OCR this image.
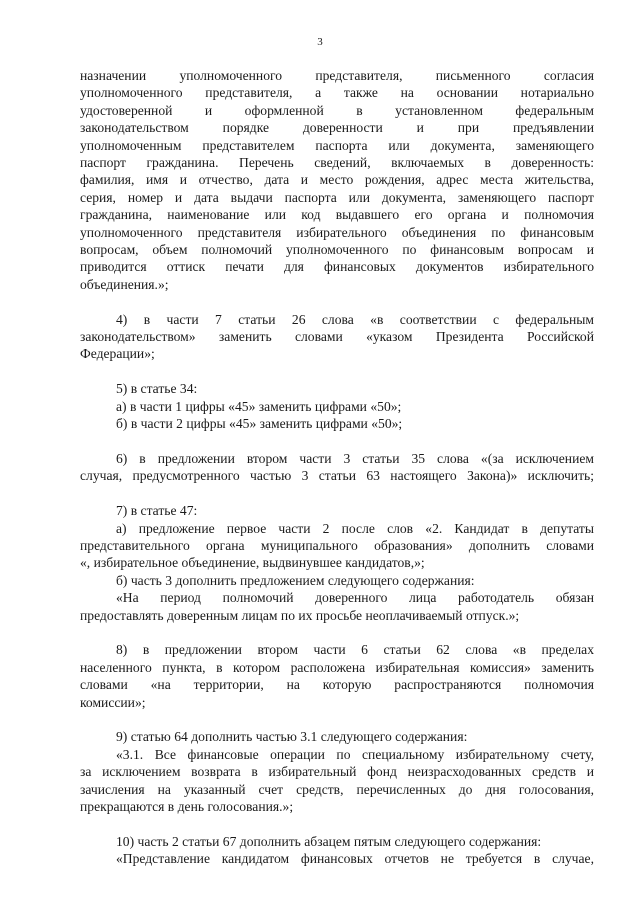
3
назначении уполномоченного представителя, письменного согласия
уполномоченного представителя, а также на основании нотариально
удостоверенной и оформленной в установленном федеральным
законодательством порядке доверенности и при предъявлении
уполномоченным представителем паспорта или документа, заменяющего
паспорт гражданина. Перечень сведений, включаемых в доверенность:
фамилия, имя и отчество, дата и место рождения, адрес места жительства,
серия, номер и дата выдачи паспорта или документа, заменяющего паспорт
гражданина, наименование или код выдавшего его органа и полномочия
уполномоченного представителя избирательного объединения по финансовым
вопросам, объем полномочий уполномоченного по финансовым вопросам и
приводится оттиск печати для финансовых документов избирательного
объединения.»;
4) в части 7 статьи 26 слова «в соответствии с федеральным
законодательством» заменить словами «указом Президента Российской
Федерации»;
5) в статье 34:
а) в части 1 цифры «45» заменить цифрами «50»;
б) в части 2 цифры «45» заменить цифрами «50»;
6) в предложении втором части 3 статьи 35 слова «(за исключением
случая, предусмотренного частью 3 статьи 63 настоящего Закона)» исключить;
7) в статье 47:
а) предложение первое части 2 после слов «2. Кандидат в депутаты
представительного органа муниципального образования» дополнить словами
«, избирательное объединение, выдвинувшее кандидатов,»;
б) часть 3 дополнить предложением следующего содержания:
«На период полномочий доверенного лица работодатель обязан
предоставлять доверенным лицам по их просьбе неоплачиваемый отпуск.»;
8) в предложении втором части 6 статьи 62 слова «в пределах
населенного пункта, в котором расположена избирательная комиссия» заменить
словами «на территории, на которую распространяются полномочия
комиссии»;
9) статью 64 дополнить частью 3.1 следующего содержания:
«3.1. Все финансовые операции по специальному избирательному счету,
за исключением возврата в избирательный фонд неизрасходованных средств и
зачисления на указанный счет средств, перечисленных до дня голосования,
прекращаются в день голосования.»;
10) часть 2 статьи 67 дополнить абзацем пятым следующего содержания:
«Представление кандидатом финансовых отчетов не требуется в случае,
